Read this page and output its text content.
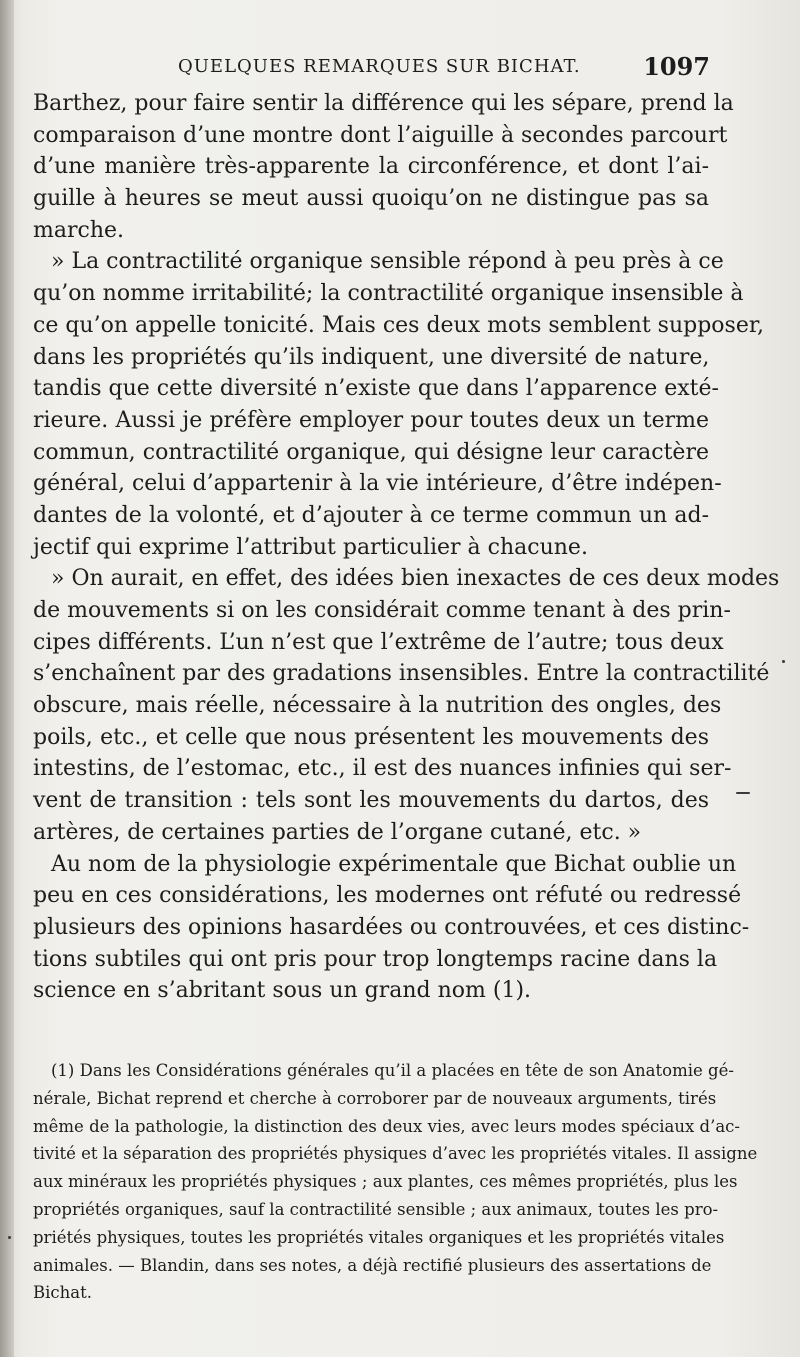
QUELQUES REMARQUES SUR BICHAT.	1097
Barthez, pour faire sentir la différence qui les sépare, prend la
comparaison d’une montre dont l’aiguille à secondes parcourt
d’une manière très-apparente la circonférence, et dont l’ai-
guille à heures se meut aussi quoiqu’on ne distingue pas sa
marche.
» La contractilité organique sensible répond à peu près à ce
qu’on nomme irritabilité; la contractilité organique insensible à
ce qu’on appelle tonicité. Mais ces deux mots semblent supposer,
dans les propriétés qu’ils indiquent, une diversité de nature,
tandis que cette diversité n’existe que dans l’apparence exté-
rieure. Aussi je préfère employer pour toutes deux un terme
commun, contractilité organique, qui désigne leur caractère
général, celui d’appartenir à la vie intérieure, d’être indépen-
dantes de la volonté, et d’ajouter à ce terme commun un ad-
jectif qui exprime l’attribut particulier à chacune.
» On aurait, en effet, des idées bien inexactes de ces deux modes
de mouvements si on les considérait comme tenant à des prin-
cipes différents. L’un n’est que l’extrême de l’autre; tous deux
s’enchaînent par des gradations insensibles. Entre la contractilité
obscure, mais réelle, nécessaire à la nutrition des ongles, des
poils, etc., et celle que nous présentent les mouvements des
intestins, de l’estomac, etc., il est des nuances infinies qui ser-
vent de transition : tels sont les mouvements du dartos, des
artères, de certaines parties de l’organe cutané, etc. »
Au nom de la physiologie expérimentale que Bichat oublie un
peu en ces considérations, les modernes ont réfuté ou redressé
plusieurs des opinions hasardées ou controuvées, et ces distinc-
tions subtiles qui ont pris pour trop longtemps racine dans la
science en s’abritant sous un grand nom (1).
(1) Dans les Considérations générales qu’il a placées en tête de son Anatomie gé-
nérale, Bichat reprend et cherche à corroborer par de nouveaux arguments, tirés
même de la pathologie, la distinction des deux vies, avec leurs modes spéciaux d’ac-
tivité et la séparation des propriétés physiques d’avec les propriétés vitales. Il assigne
aux minéraux les propriétés physiques ; aux plantes, ces mêmes propriétés, plus les
propriétés organiques, sauf la contractilité sensible ; aux animaux, toutes les pro-
priétés physiques, toutes les propriétés vitales organiques et les propriétés vitales
animales. — Blandin, dans ses notes, a déjà rectifié plusieurs des assertations de
Bichat.
